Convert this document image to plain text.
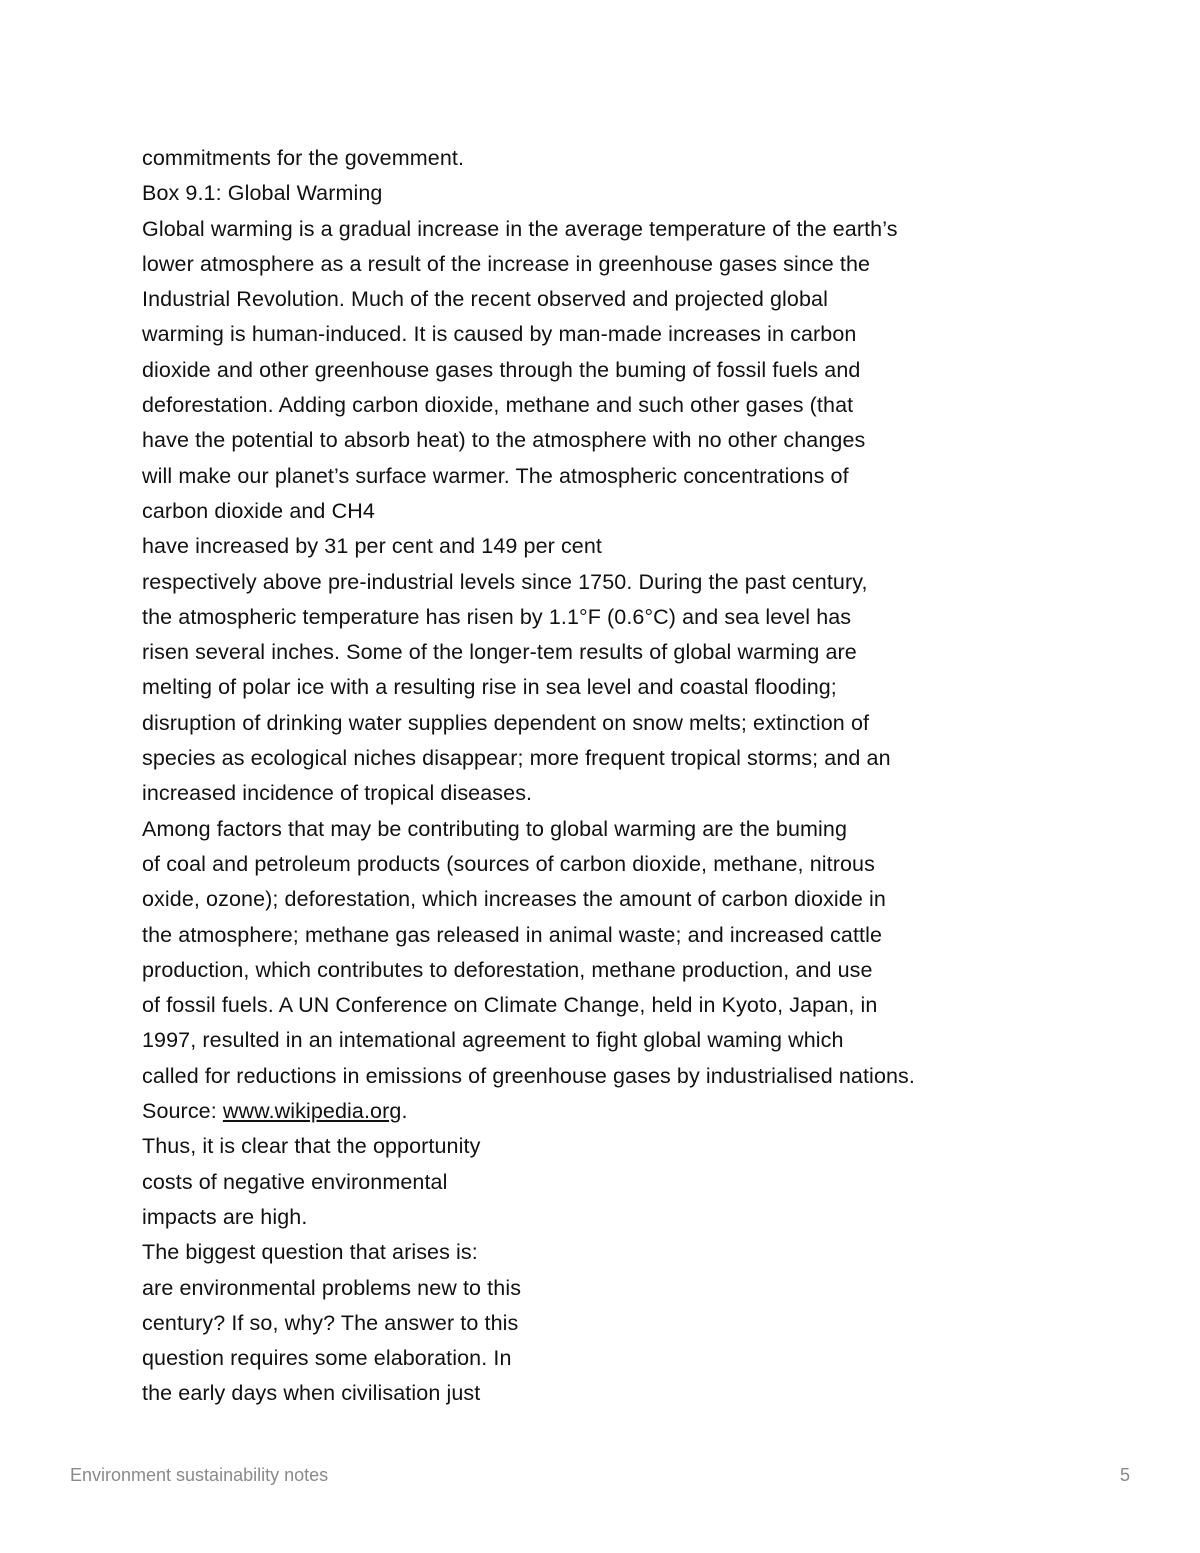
commitments for the govemment.
Box 9.1: Global Warming
Global warming is a gradual increase in the average temperature of the earth’s
lower atmosphere as a result of the increase in greenhouse gases since the
Industrial Revolution. Much of the recent observed and projected global
warming is human-induced. It is caused by man-made increases in carbon
dioxide and other greenhouse gases through the buming of fossil fuels and
deforestation. Adding carbon dioxide, methane and such other gases (that
have the potential to absorb heat) to the atmosphere with no other changes
will make our planet’s surface warmer. The atmospheric concentrations of
carbon dioxide and CH4
have increased by 31 per cent and 149 per cent
respectively above pre-industrial levels since 1750. During the past century,
the atmospheric temperature has risen by 1.1°F (0.6°C) and sea level has
risen several inches. Some of the longer-tem results of global warming are
melting of polar ice with a resulting rise in sea level and coastal flooding;
disruption of drinking water supplies dependent on snow melts; extinction of
species as ecological niches disappear; more frequent tropical storms; and an
increased incidence of tropical diseases.
Among factors that may be contributing to global warming are the buming
of coal and petroleum products (sources of carbon dioxide, methane, nitrous
oxide, ozone); deforestation, which increases the amount of carbon dioxide in
the atmosphere; methane gas released in animal waste; and increased cattle
production, which contributes to deforestation, methane production, and use
of fossil fuels. A UN Conference on Climate Change, held in Kyoto, Japan, in
1997, resulted in an intemational agreement to fight global waming which
called for reductions in emissions of greenhouse gases by industrialised nations.
Source: www.wikipedia.org.
Thus, it is clear that the opportunity
costs of negative environmental
impacts are high.
The biggest question that arises is:
are environmental problems new to this
century? If so, why? The answer to this
question requires some elaboration. In
the early days when civilisation just
Environment sustainability notes	5
